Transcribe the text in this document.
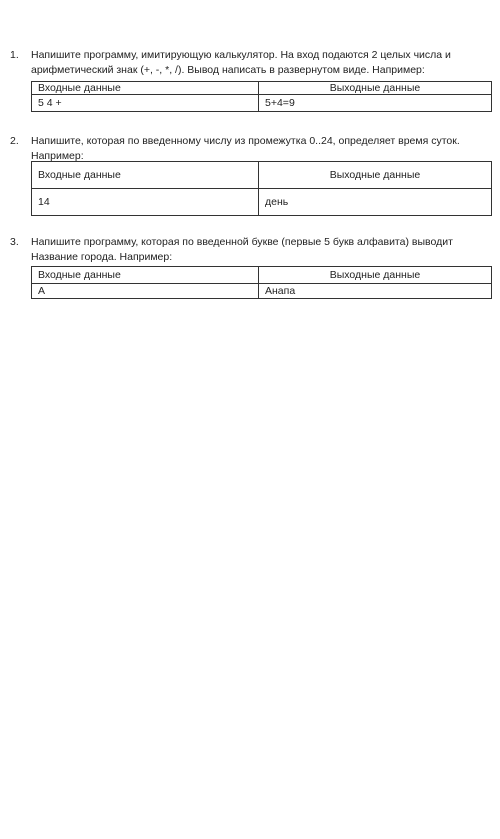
1.	Напишите программу, имитирующую калькулятор. На вход подаются 2 целых числа и арифметический знак (+, -, *, /). Вывод написать в развернутом виде. Например:
Входные данные	Выходные данные
5 4 +	5+4=9
2.	Напишите, которая по введенному числу из промежутка 0..24, определяет время суток. Например:
Входные данные	Выходные данные
14	день
3.	Напишите программу, которая по введенной букве (первые 5 букв алфавита) выводит Название города. Например:
Входные данные	Выходные данные
А	Анапа
